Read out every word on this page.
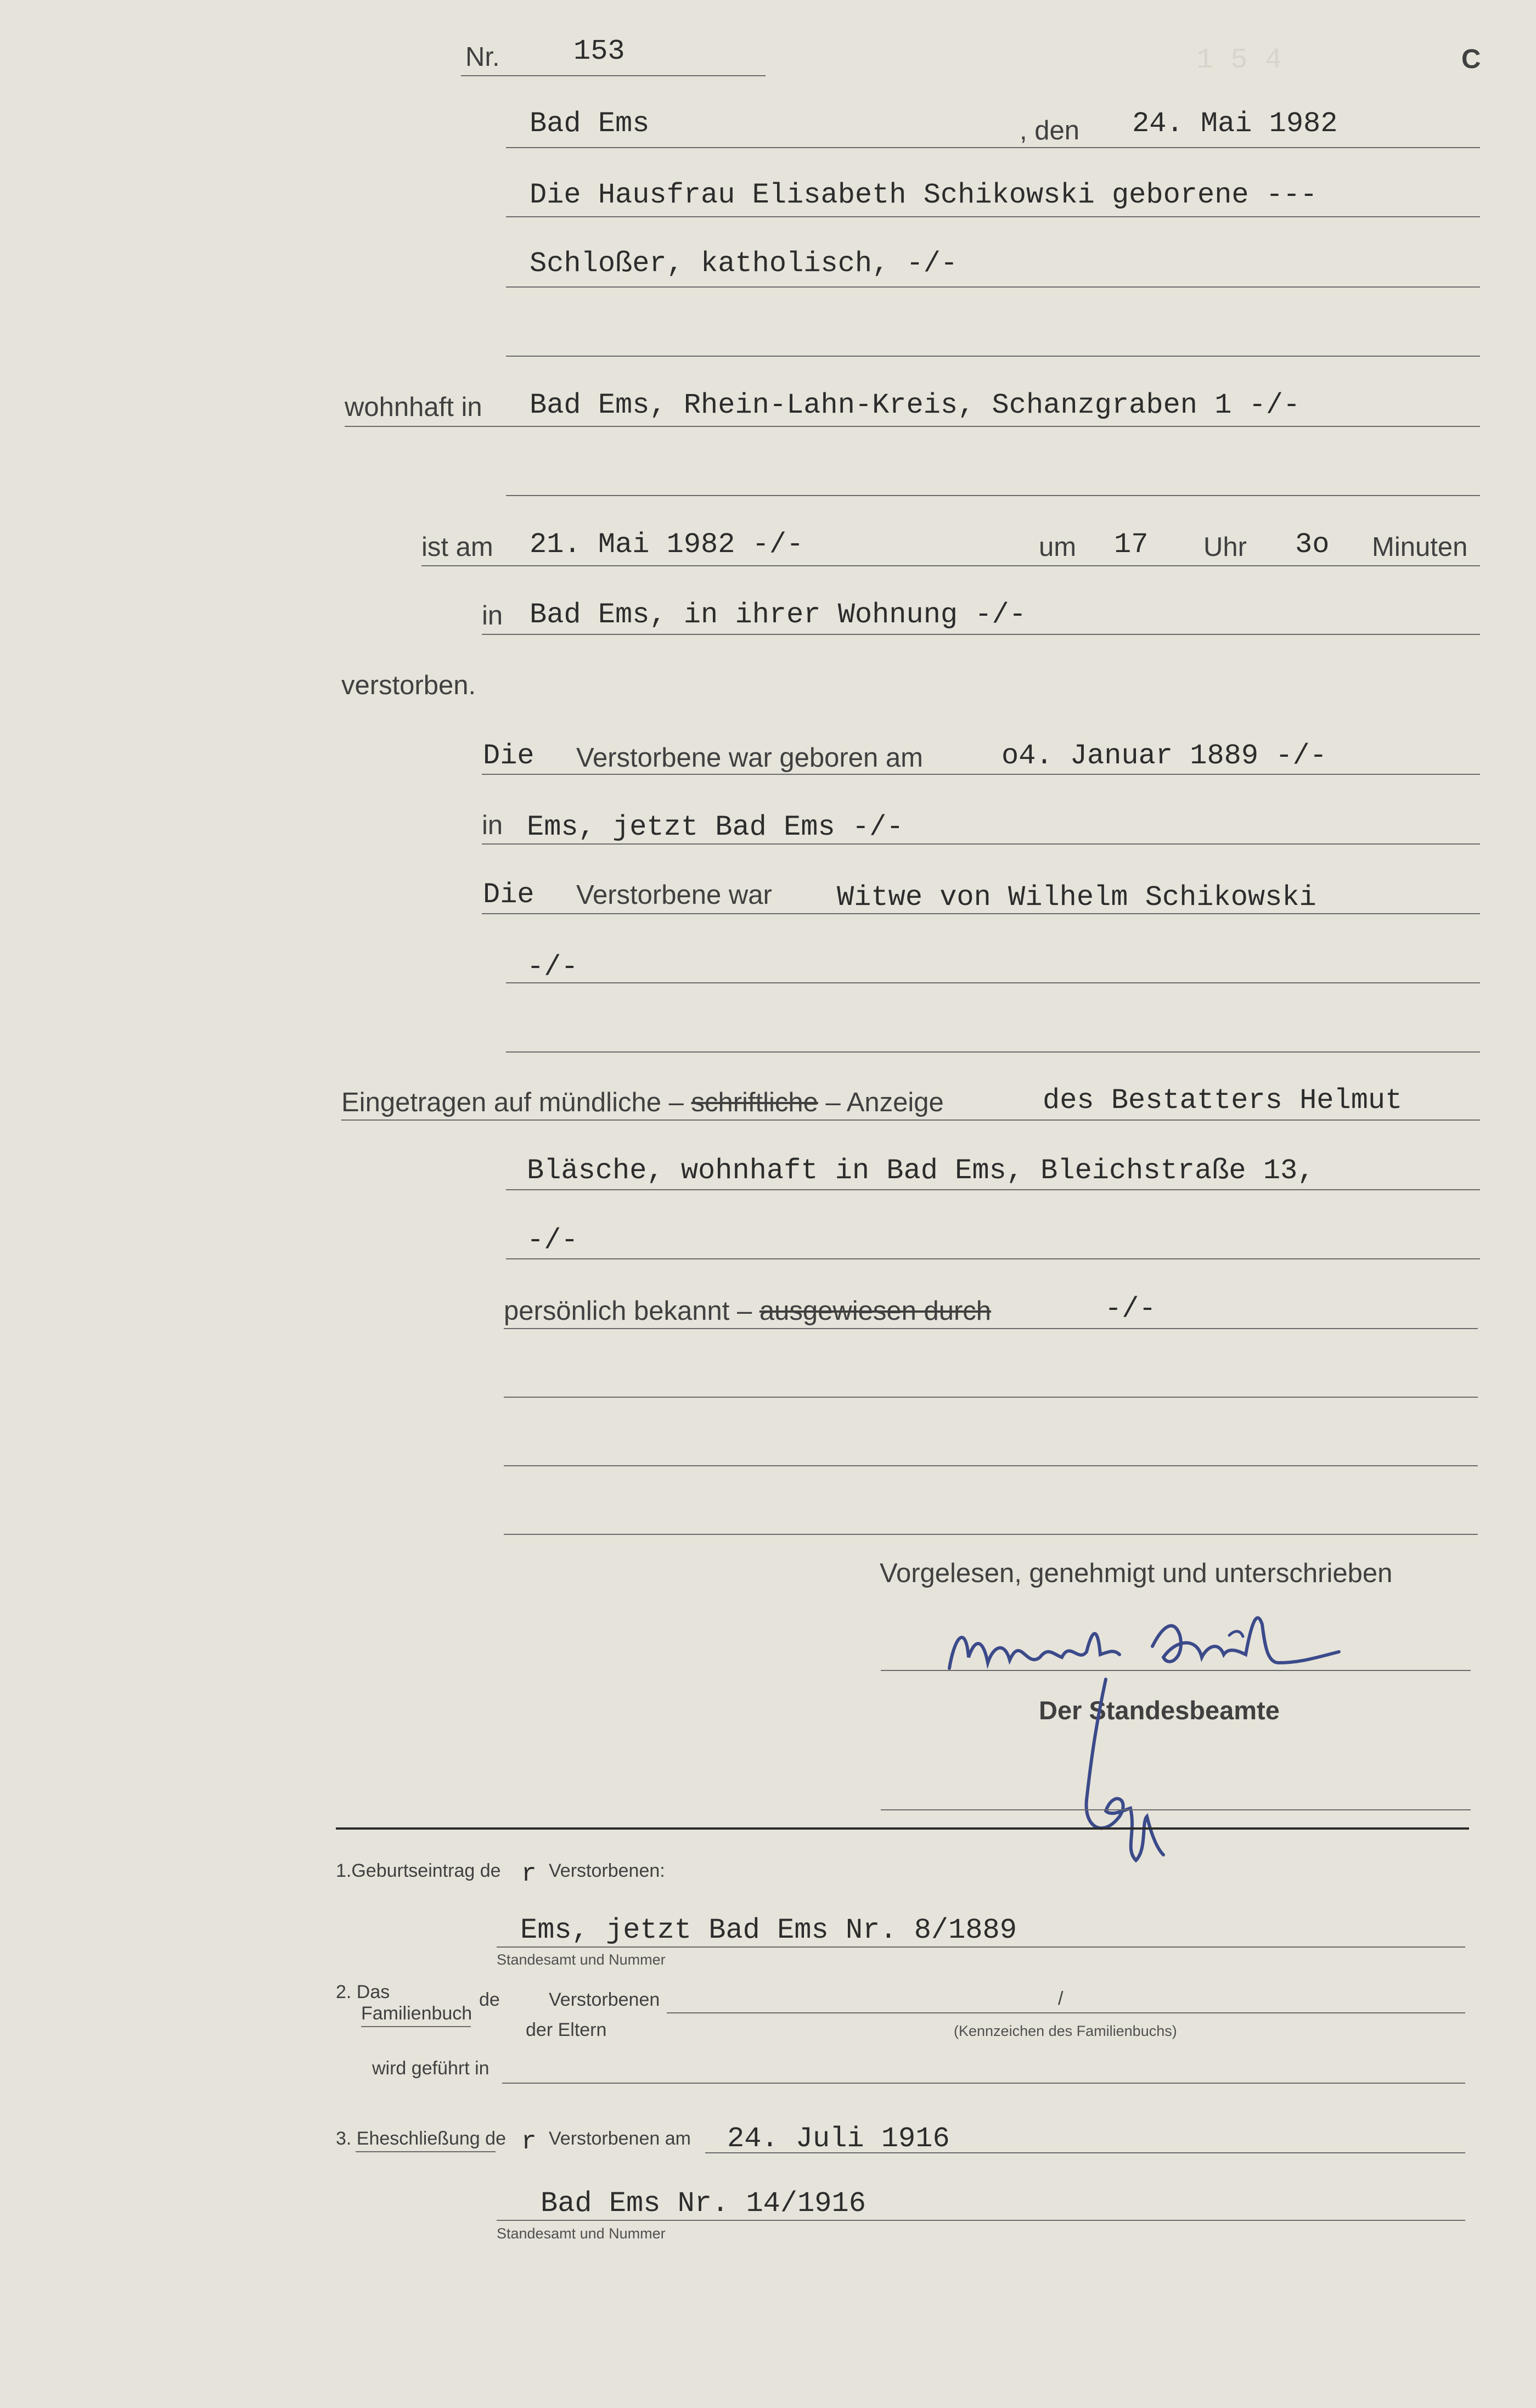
1 5 4
Nr.	153	C
Bad Ems	, den 24. Mai 1982
Die Hausfrau Elisabeth Schikowski geborene ---
Schloßer, katholisch, -/-
wohnhaft in Bad Ems, Rhein-Lahn-Kreis, Schanzgraben 1 -/-
ist am 21. Mai 1982 -/-	um 17 Uhr 3o Minuten
in Bad Ems, in ihrer Wohnung -/-
verstorben.
Die Verstorbene war geboren am	o4. Januar 1889 -/-
in Ems, jetzt Bad Ems -/-
Die Verstorbene war Witwe von Wilhelm Schikowski
-/-
Eingetragen auf mündliche – schriftliche – Anzeige	des Bestatters Helmut
Bläsche, wohnhaft in Bad Ems, Bleichstraße 13,
-/-
persönlich bekannt – ausgewiesen durch	-/-
Vorgelesen, genehmigt und unterschrieben
Der Standesbeamte
1.Geburtseintrag de r Verstorbenen:
Ems, jetzt Bad Ems Nr. 8/1889
Standesamt und Nummer
2. Das
Familienbuch
de	Verstorbenen	/
der Eltern	(Kennzeichen des Familienbuchs)
wird geführt in
3. Eheschließung de r Verstorbenen am 24. Juli 1916
Bad Ems Nr. 14/1916
Standesamt und Nummer
